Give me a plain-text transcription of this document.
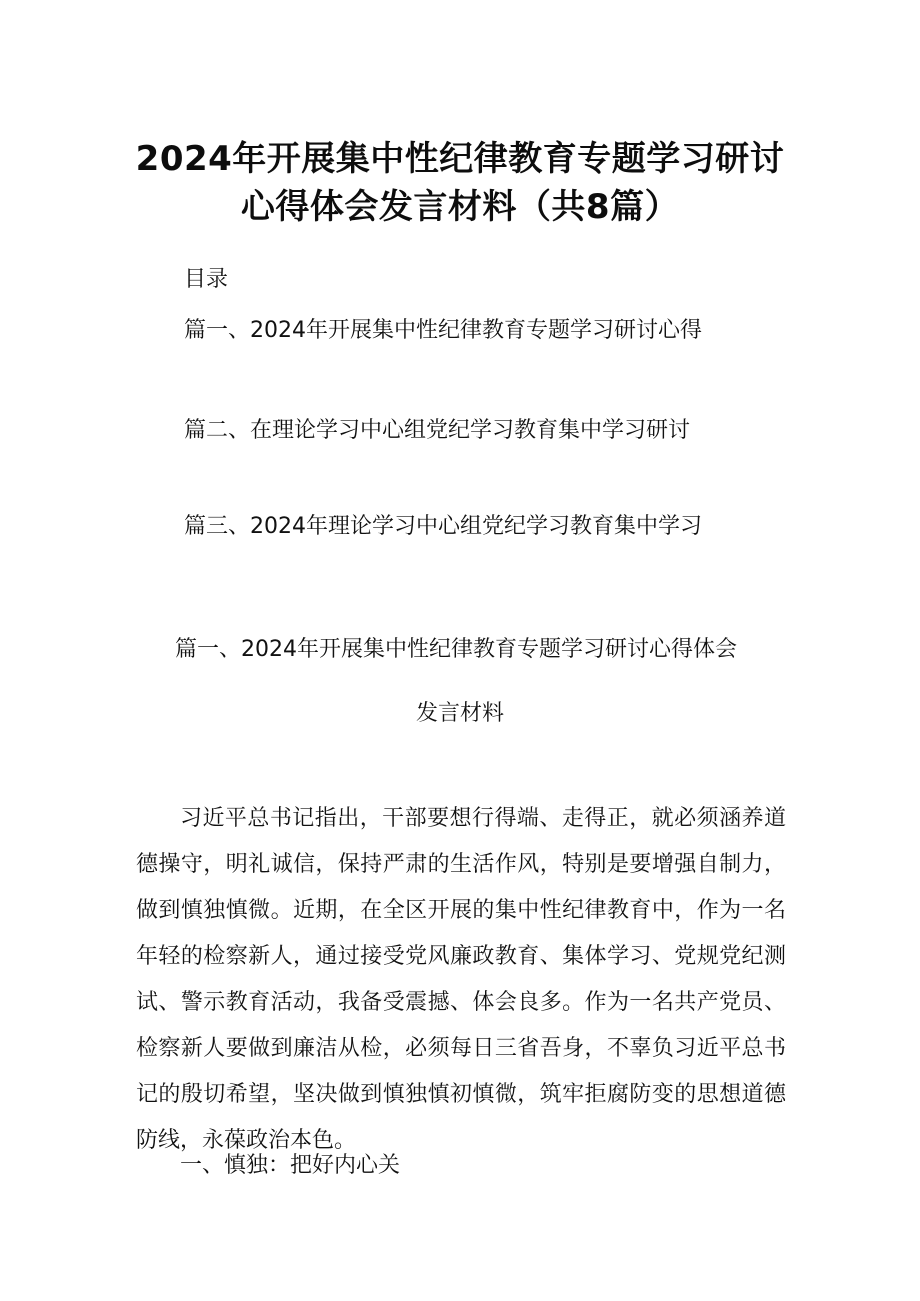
2024年开展集中性纪律教育专题学习研讨
心得体会发言材料（共8篇）
目录
篇一、2024年开展集中性纪律教育专题学习研讨心得
篇二、在理论学习中心组党纪学习教育集中学习研讨
篇三、2024年理论学习中心组党纪学习教育集中学习
篇一、2024年开展集中性纪律教育专题学习研讨心得体会
发言材料
习近平总书记指出，干部要想行得端、走得正，就必须涵养道德操守，明礼诚信，保持严肃的生活作风，特别是要增强自制力，做到慎独慎微。近期，在全区开展的集中性纪律教育中，作为一名年轻的检察新人，通过接受党风廉政教育、集体学习、党规党纪测试、警示教育活动，我备受震撼、体会良多。作为一名共产党员、检察新人要做到廉洁从检，必须每日三省吾身，不辜负习近平总书记的殷切希望，坚决做到慎独慎初慎微，筑牢拒腐防变的思想道德防线，永葆政治本色。
一、慎独：把好内心关
